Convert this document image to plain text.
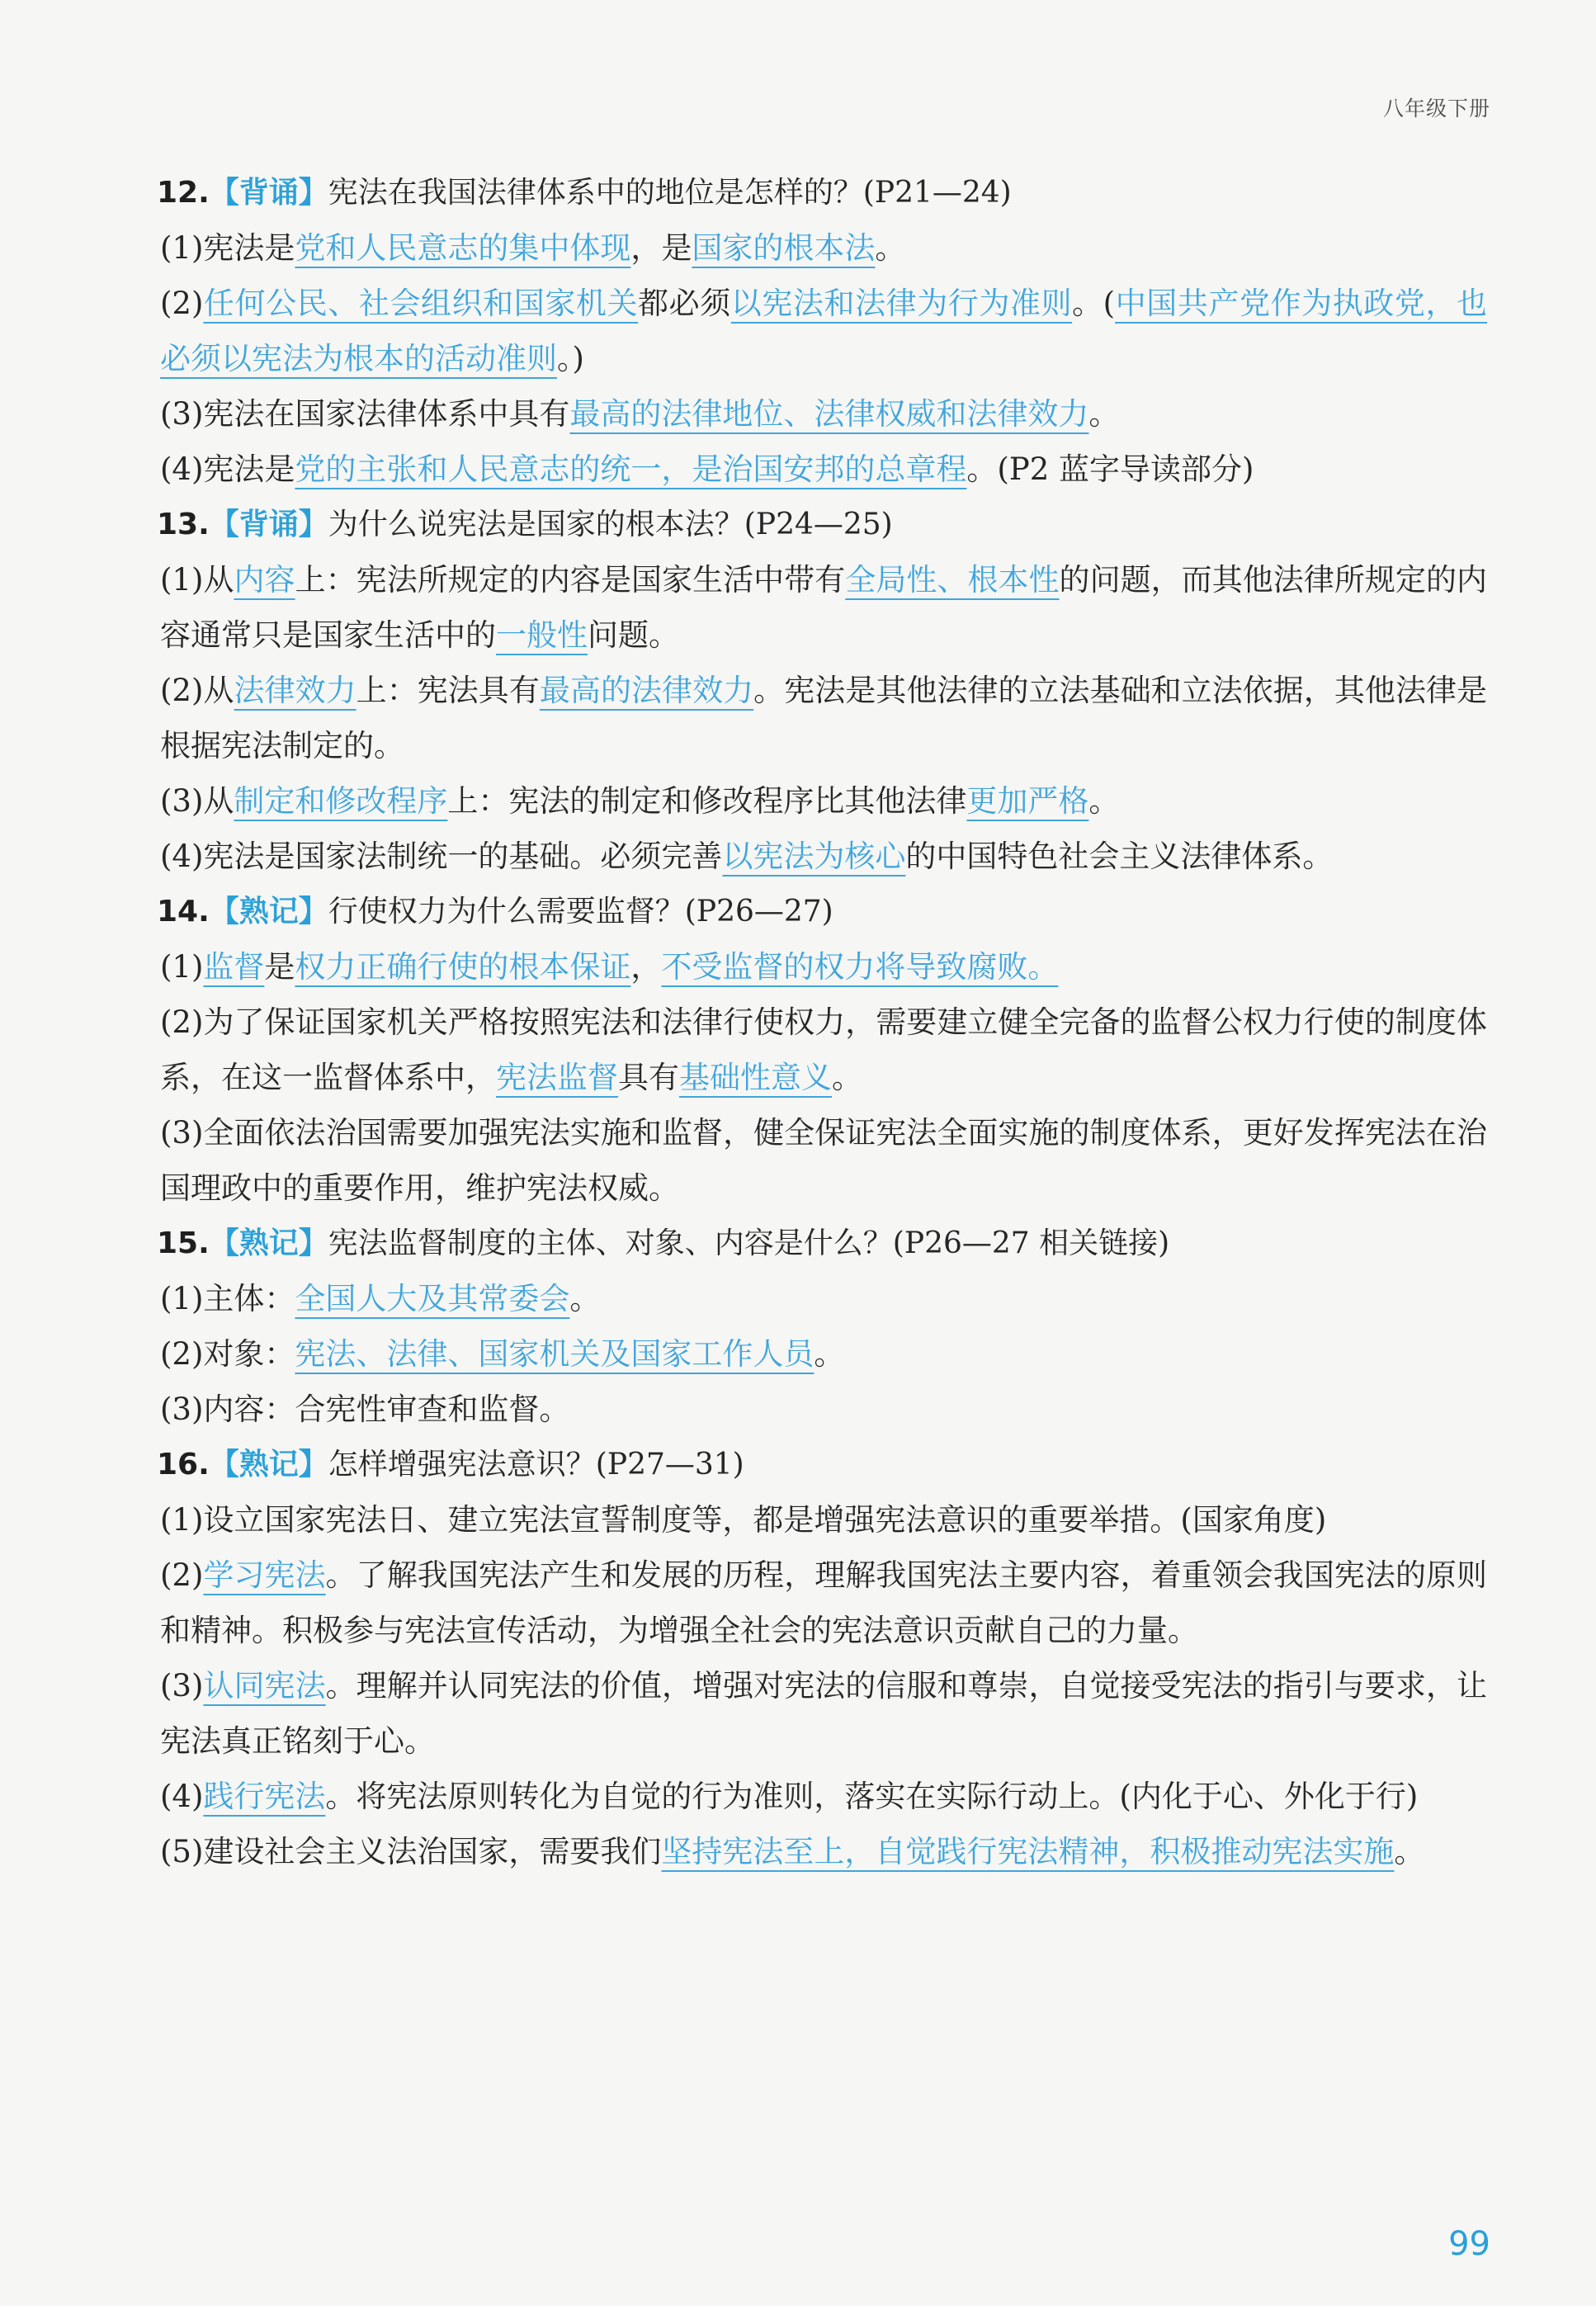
八年级下册

12.【背诵】宪法在我国法律体系中的地位是怎样的？(P21—24)

(1)宪法是党和人民意志的集中体现，是国家的根本法。
(2)任何公民、社会组织和国家机关都必须以宪法和法律为行为准则。(中国共产党作为执政党，也必须以宪法为根本的活动准则。)
(3)宪法在国家法律体系中具有最高的法律地位、法律权威和法律效力。
(4)宪法是党的主张和人民意志的统一，是治国安邦的总章程。(P2 蓝字导读部分)

13.【背诵】为什么说宪法是国家的根本法？(P24—25)

(1)从内容上：宪法所规定的内容是国家生活中带有全局性、根本性的问题，而其他法律所规定的内容通常只是国家生活中的一般性问题。
(2)从法律效力上：宪法具有最高的法律效力。宪法是其他法律的立法基础和立法依据，其他法律是根据宪法制定的。
(3)从制定和修改程序上：宪法的制定和修改程序比其他法律更加严格。
(4)宪法是国家法制统一的基础。必须完善以宪法为核心的中国特色社会主义法律体系。

14.【熟记】行使权力为什么需要监督？(P26—27)

(1)监督是权力正确行使的根本保证，不受监督的权力将导致腐败。
(2)为了保证国家机关严格按照宪法和法律行使权力，需要建立健全完备的监督公权力行使的制度体系，在这一监督体系中，宪法监督具有基础性意义。
(3)全面依法治国需要加强宪法实施和监督，健全保证宪法全面实施的制度体系，更好发挥宪法在治国理政中的重要作用，维护宪法权威。

15.【熟记】宪法监督制度的主体、对象、内容是什么？(P26—27 相关链接)

(1)主体：全国人大及其常委会。
(2)对象：宪法、法律、国家机关及国家工作人员。
(3)内容：合宪性审查和监督。

16.【熟记】怎样增强宪法意识？(P27—31)

(1)设立国家宪法日、建立宪法宣誓制度等，都是增强宪法意识的重要举措。(国家角度)
(2)学习宪法。了解我国宪法产生和发展的历程，理解我国宪法主要内容，着重领会我国宪法的原则和精神。积极参与宪法宣传活动，为增强全社会的宪法意识贡献自己的力量。
(3)认同宪法。理解并认同宪法的价值，增强对宪法的信服和尊崇，自觉接受宪法的指引与要求，让宪法真正铭刻于心。
(4)践行宪法。将宪法原则转化为自觉的行为准则，落实在实际行动上。(内化于心、外化于行)
(5)建设社会主义法治国家，需要我们坚持宪法至上，自觉践行宪法精神，积极推动宪法实施。
99
